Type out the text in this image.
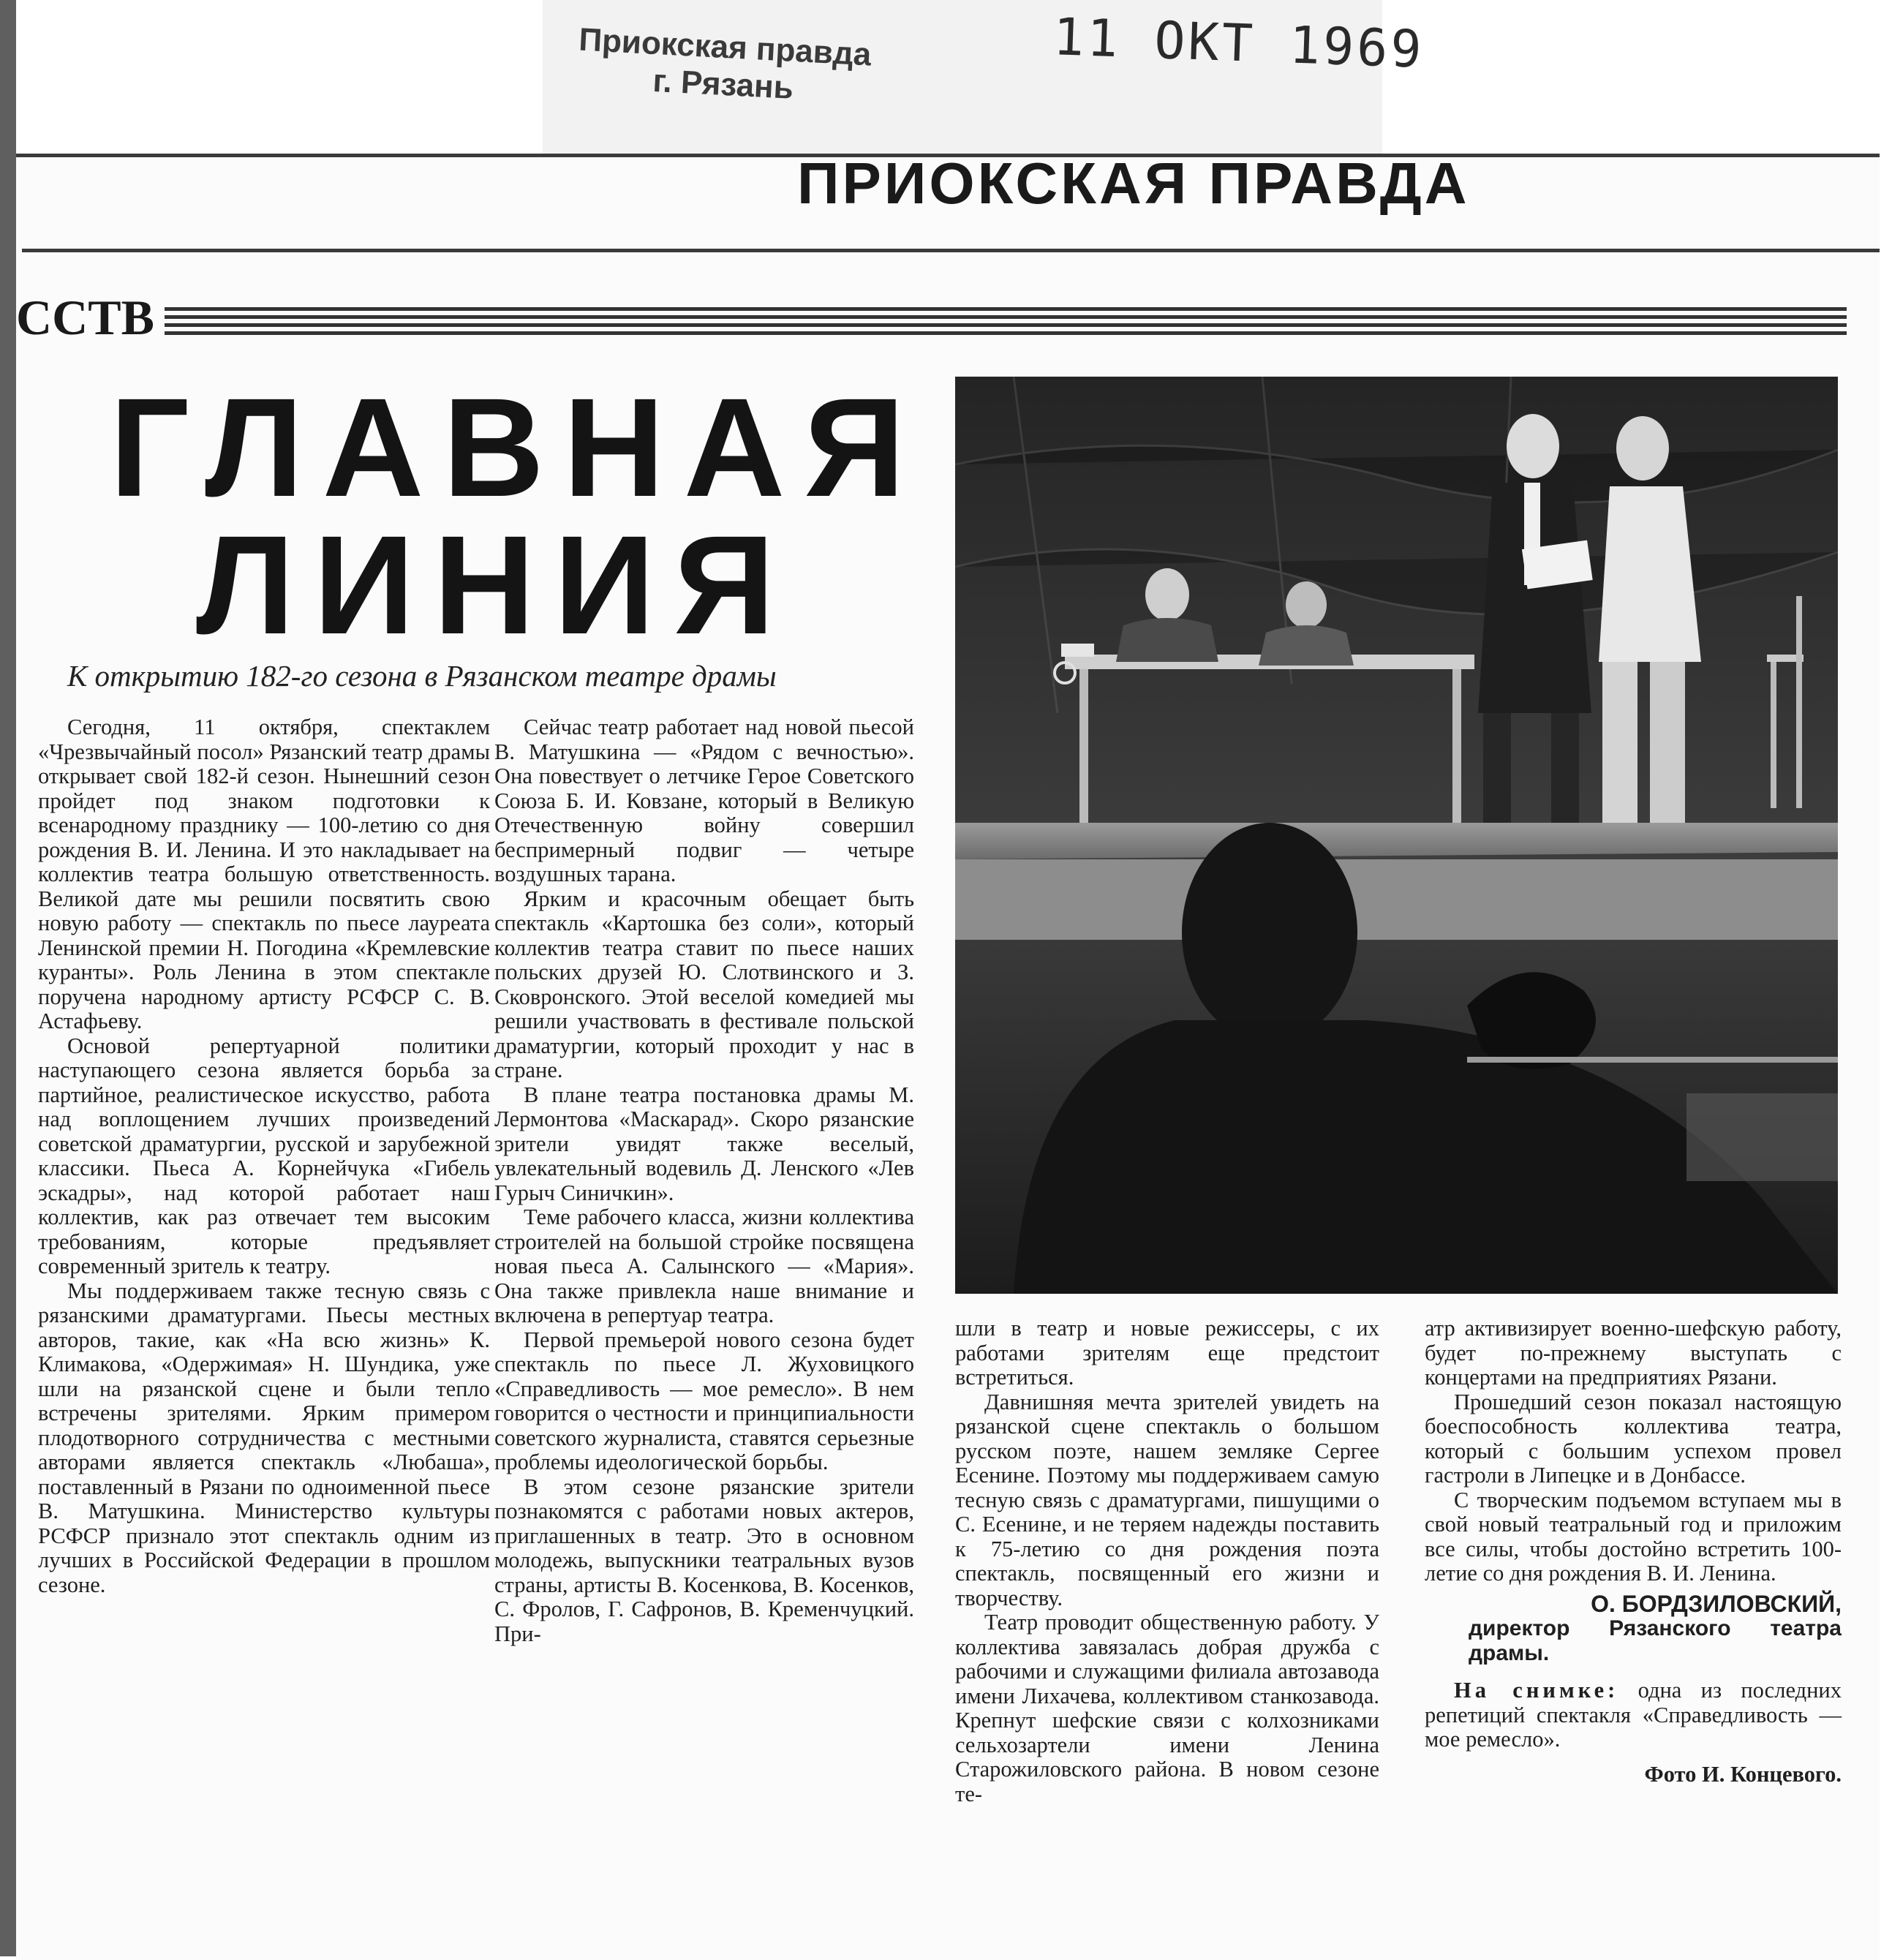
Приокская правда
г. Рязань
11 ОКТ 1969
ПРИОКСКАЯ ПРАВДА
ССТВ
ГЛАВНАЯ
ЛИНИЯ
К открытию 182-го сезона в Рязанском театре драмы

Сегодня, 11 октября, спектаклем «Чрезвычайный посол» Рязанский театр драмы открывает свой 182-й сезон. Нынешний сезон пройдет под знаком подготовки к всенародному празднику — 100-летию со дня рождения В. И. Ленина. И это накладывает на коллектив театра большую ответственность. Великой дате мы решили посвятить свою новую работу — спектакль по пьесе лауреата Ленинской премии Н. Погодина «Кремлевские куранты». Роль Ленина в этом спектакле поручена народному артисту РСФСР С. В. Астафьеву.

Основой репертуарной политики наступающего сезона является борьба за партийное, реалистическое искусство, работа над воплощением лучших произведений советской драматургии, русской и зарубежной классики. Пьеса А. Корнейчука «Гибель эскадры», над которой работает наш коллектив, как раз отвечает тем высоким требованиям, которые предъявляет современный зритель к театру.

Мы поддерживаем также тесную связь с рязанскими драматургами. Пьесы местных авторов, такие, как «На всю жизнь» К. Климакова, «Одержимая» Н. Шундика, уже шли на рязанской сцене и были тепло встречены зрителями. Ярким примером плодотворного сотрудничества с местными авторами является спектакль «Любаша», поставленный в Рязани по одноименной пьесе В. Матушкина. Министерство культуры РСФСР признало этот спектакль одним из лучших в Российской Федерации в прошлом сезоне.

Сейчас театр работает над новой пьесой В. Матушкина — «Рядом с вечностью». Она повествует о летчике Герое Советского Союза Б. И. Ковзане, который в Великую Отечественную войну совершил беспримерный подвиг — четыре воздушных тарана.

Ярким и красочным обещает быть спектакль «Картошка без соли», который коллектив театра ставит по пьесе наших польских друзей Ю. Слотвинского и З. Сковронского. Этой веселой комедией мы решили участвовать в фестивале польской драматургии, который проходит у нас в стране.

В плане театра постановка драмы М. Лермонтова «Маскарад». Скоро рязанские зрители увидят также веселый, увлекательный водевиль Д. Ленского «Лев Гурыч Синичкин».

Теме рабочего класса, жизни коллектива строителей на большой стройке посвящена новая пьеса А. Салынского — «Мария». Она также привлекла наше внимание и включена в репертуар театра.

Первой премьерой нового сезона будет спектакль по пьесе Л. Жуховицкого «Справедливость — мое ремесло». В нем говорится о честности и принципиальности советского журналиста, ставятся серьезные проблемы идеологической борьбы.

В этом сезоне рязанские зрители познакомятся с работами новых актеров, приглашенных в театр. Это в основном молодежь, выпускники театральных вузов страны, артисты В. Косенкова, В. Косенков, С. Фролов, Г. Сафронов, В. Кременчуцкий. При-

шли в театр и новые режиссеры, с их работами зрителям еще предстоит встретиться.

Давнишняя мечта зрителей увидеть на рязанской сцене спектакль о большом русском поэте, нашем земляке Сергее Есенине. Поэтому мы поддерживаем самую тесную связь с драматургами, пишущими о С. Есенине, и не теряем надежды поставить к 75-летию со дня рождения поэта спектакль, посвященный его жизни и творчеству.

Театр проводит общественную работу. У коллектива завязалась добрая дружба с рабочими и служащими филиала автозавода имени Лихачева, коллективом станкозавода. Крепнут шефские связи с колхозниками сельхозартели имени Ленина Старожиловского района. В новом сезоне те-

атр активизирует военно-шефскую работу, будет по-прежнему выступать с концертами на предприятиях Рязани.

Прошедший сезон показал настоящую боеспособность коллектива театра, который с большим успехом провел гастроли в Липецке и в Донбассе.

С творческим подъемом вступаем мы в свой новый театральный год и приложим все силы, чтобы достойно встретить 100-летие со дня рождения В. И. Ленина.

О. БОРДЗИЛОВСКИЙ,

директор Рязанского театра драмы.

На снимке: одна из последних репетиций спектакля «Справедливость — мое ремесло».

Фото И. Концевого.
